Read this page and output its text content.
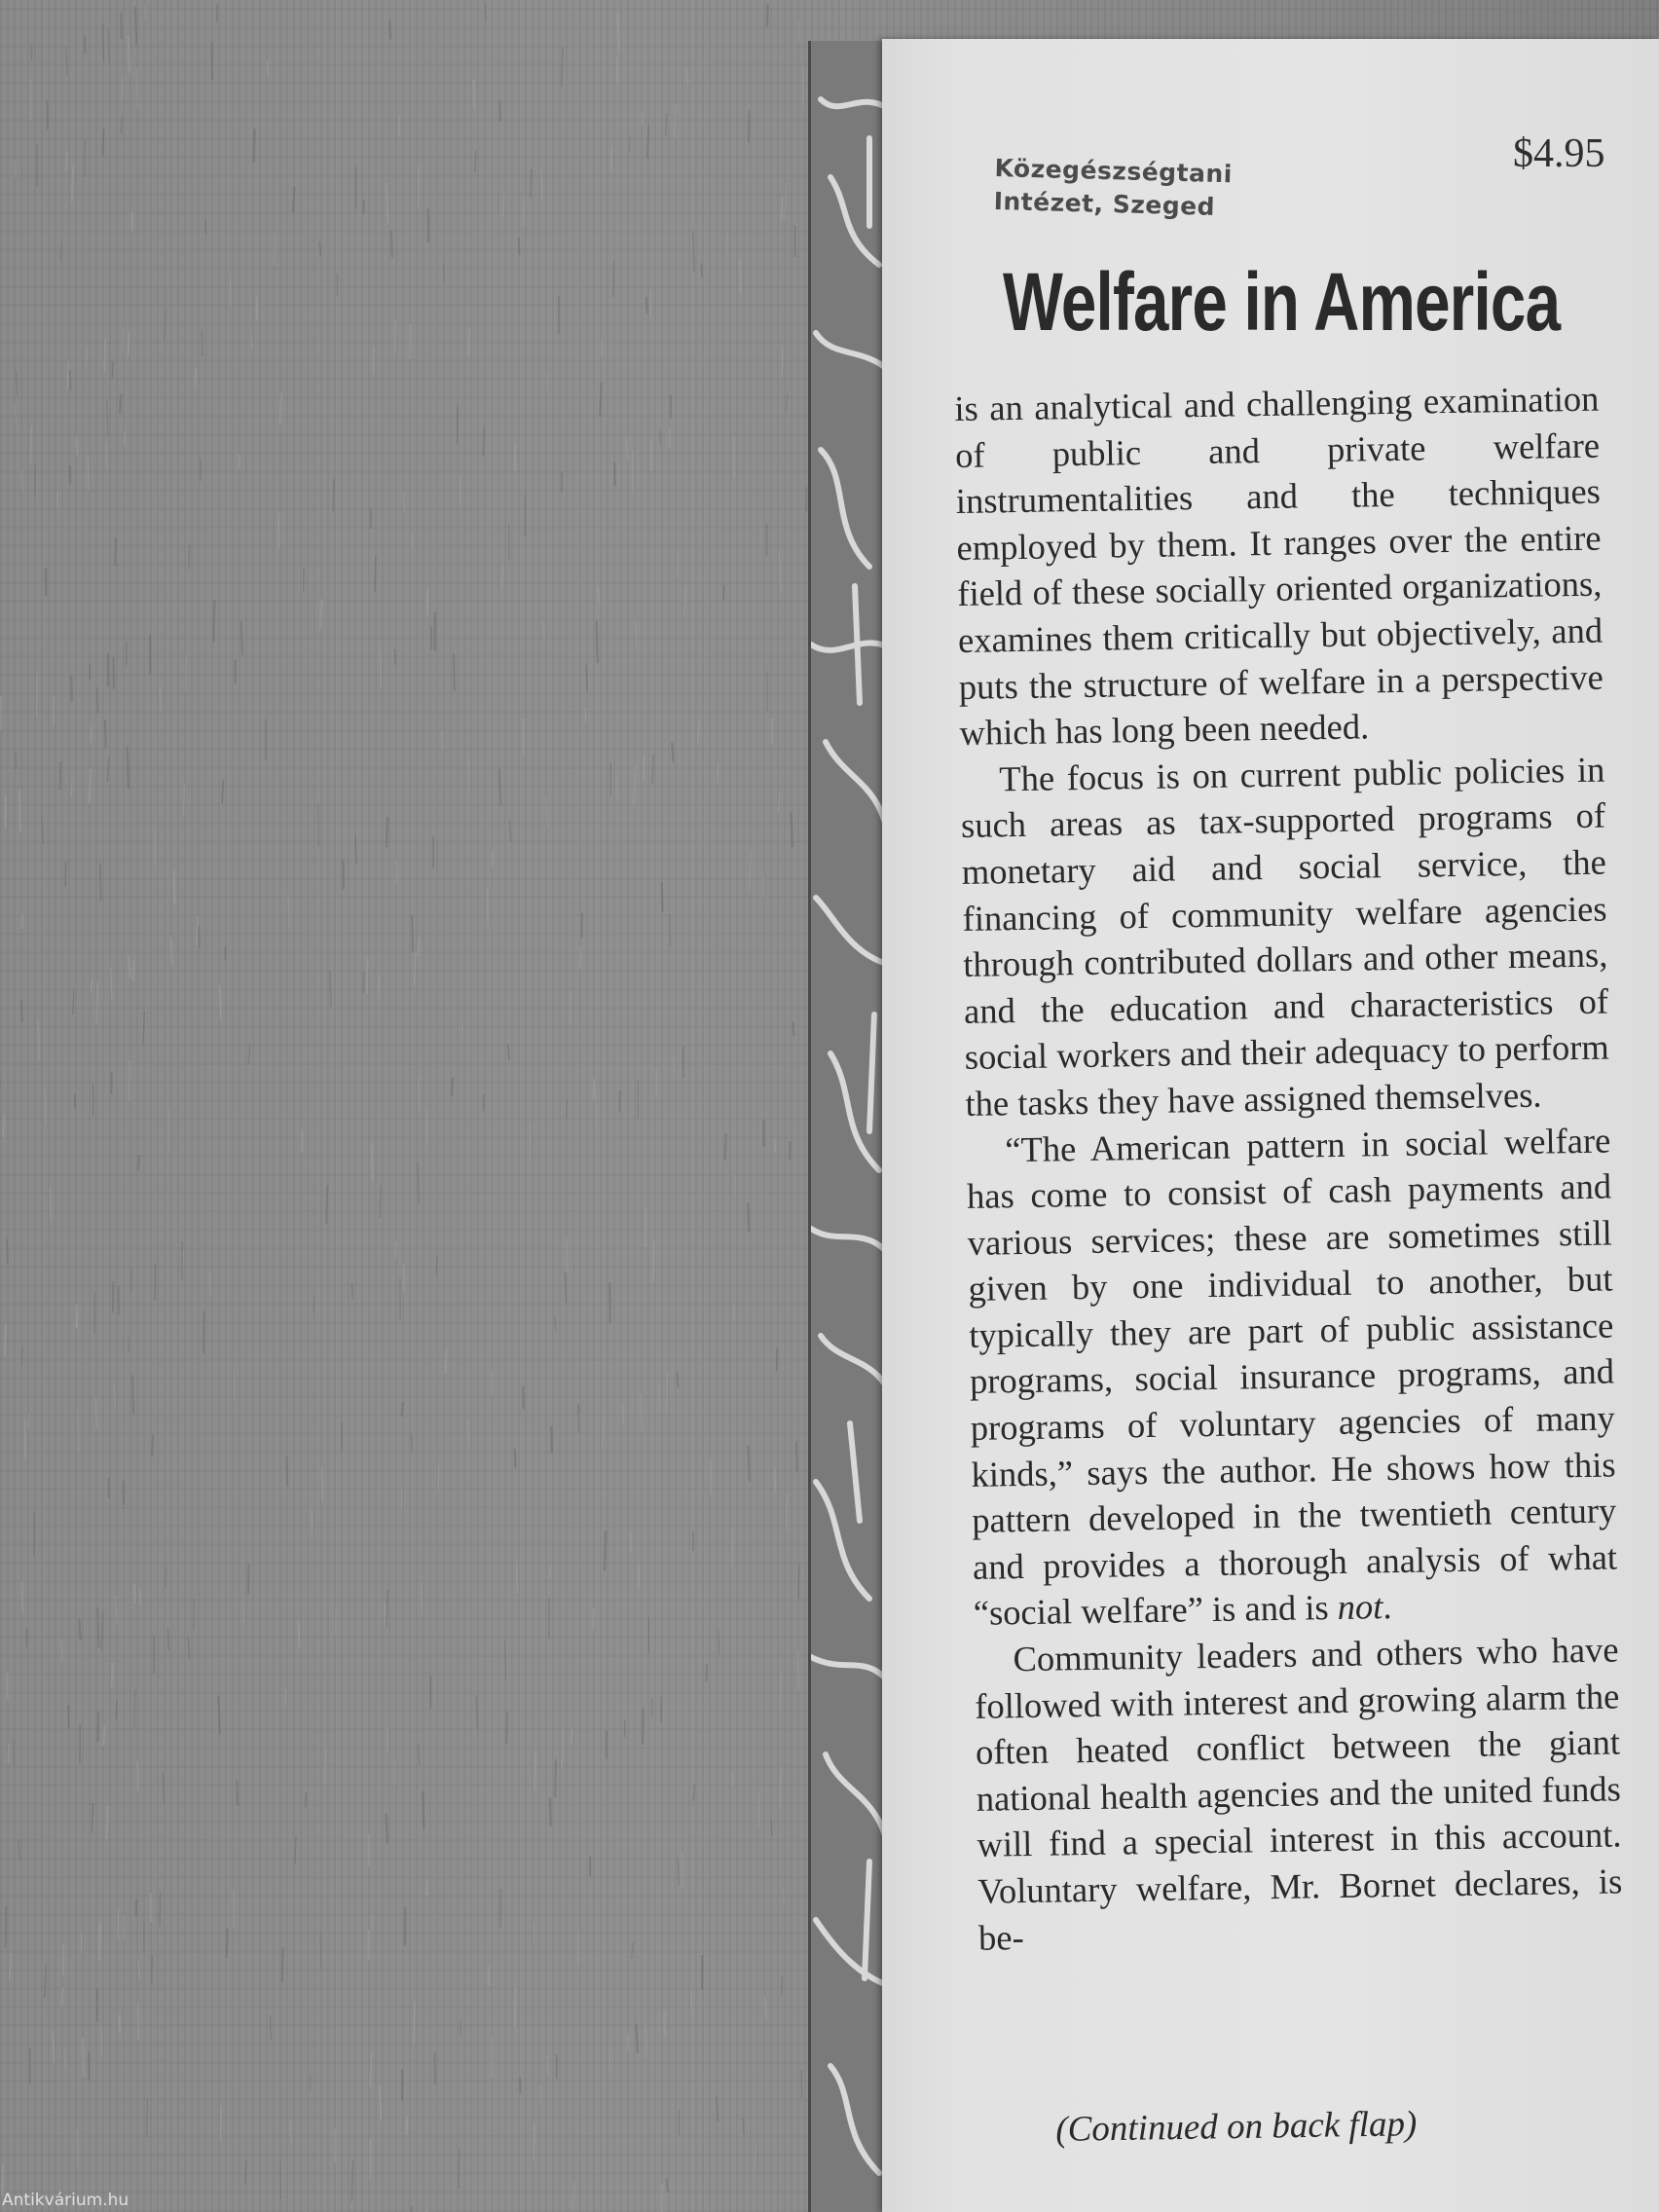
Közegészségtani
Intézet, Szeged
$4.95
Welfare in America

is an analytical and challenging examination of public and private welfare instrumentalities and the techniques employed by them. It ranges over the entire field of these socially oriented organizations, examines them critically but objectively, and puts the structure of welfare in a perspective which has long been needed.

The focus is on current public policies in such areas as tax-supported programs of monetary aid and social service, the financing of community welfare agencies through contributed dollars and other means, and the education and characteristics of social workers and their adequacy to perform the tasks they have assigned themselves.

“The American pattern in social welfare has come to consist of cash payments and various services; these are sometimes still given by one individual to another, but typically they are part of public assistance programs, social insurance programs, and programs of voluntary agencies of many kinds,” says the author. He shows how this pattern developed in the twentieth century and provides a thorough analysis of what “social welfare” is and is not.

Community leaders and others who have followed with interest and growing alarm the often heated conflict between the giant national health agencies and the united funds will find a special interest in this account. Voluntary welfare, Mr. Bornet declares, is be-

(Continued on back flap)
Antikvárium.hu
